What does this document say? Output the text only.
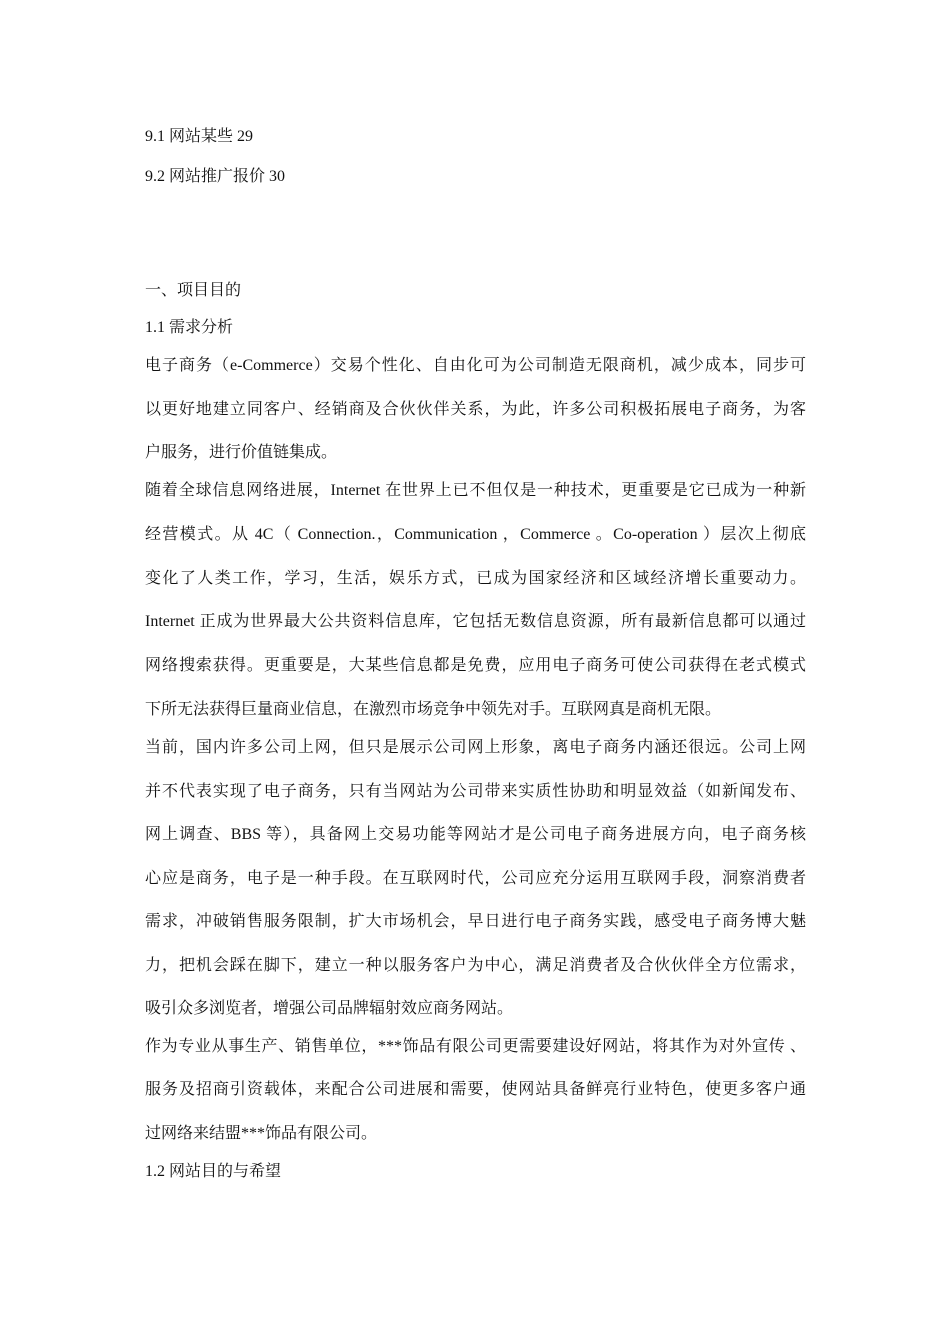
9.1 网站某些 29
9.2 网站推广报价 30
一、项目目的
1.1 需求分析
电子商务（e-Commerce）交易个性化、自由化可为公司制造无限商机，减少成本，同步可
以更好地建立同客户、经销商及合伙伙伴关系，为此，许多公司积极拓展电子商务，为客
户服务，进行价值链集成。
随着全球信息网络进展，Internet 在世界上已不但仅是一种技术，更重要是它已成为一种新
经营模式。从 4C（ Connection.，Communication ，Commerce 。Co-operation ）层次上彻底
变化了人类工作，学习，生活，娱乐方式，已成为国家经济和区域经济增长重要动力。
Internet 正成为世界最大公共资料信息库，它包括无数信息资源，所有最新信息都可以通过
网络搜索获得。更重要是，大某些信息都是免费，应用电子商务可使公司获得在老式模式
下所无法获得巨量商业信息，在激烈市场竞争中领先对手。互联网真是商机无限。
当前，国内许多公司上网，但只是展示公司网上形象，离电子商务内涵还很远。公司上网
并不代表实现了电子商务，只有当网站为公司带来实质性协助和明显效益（如新闻发布、
网上调查、BBS 等），具备网上交易功能等网站才是公司电子商务进展方向，电子商务核
心应是商务，电子是一种手段。在互联网时代，公司应充分运用互联网手段，洞察消费者
需求，冲破销售服务限制，扩大市场机会，早日进行电子商务实践，感受电子商务博大魅
力，把机会踩在脚下，建立一种以服务客户为中心，满足消费者及合伙伙伴全方位需求，
吸引众多浏览者，增强公司品牌辐射效应商务网站。
作为专业从事生产、销售单位，***饰品有限公司更需要建设好网站，将其作为对外宣传 、
服务及招商引资载体，来配合公司进展和需要，使网站具备鲜亮行业特色，使更多客户通
过网络来结盟***饰品有限公司。
1.2 网站目的与希望
